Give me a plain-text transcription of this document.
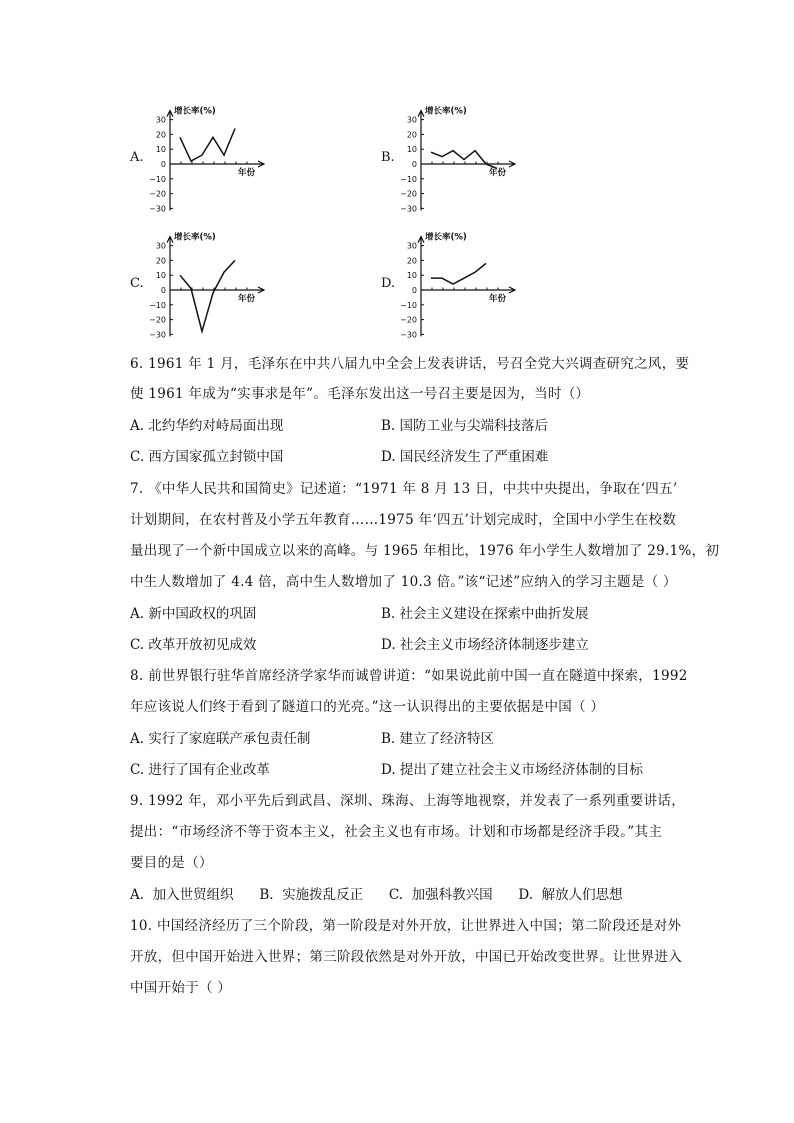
A.
30
20
10
0
−10
−20
−30
增长率(%)
年份
B.
30
20
10
0
−10
−20
−30
增长率(%)
年份
C.
30
20
10
0
−10
−20
−30
增长率(%)
年份
D.
30
20
10
0
−10
−20
−30
增长率(%)
年份
6. 1961 年 1 月，毛泽东在中共八届九中全会上发表讲话，号召全党大兴调查研究之风，要
使 1961 年成为“实事求是年”。毛泽东发出这一号召主要是因为，当时（）
A. 北约华约对峙局面出现	B. 国防工业与尖端科技落后
C. 西方国家孤立封锁中国	D. 国民经济发生了严重困难
7. 《中华人民共和国简史》记述道：“1971 年 8 月 13 日，中共中央提出，争取在‘四五’
计划期间，在农村普及小学五年教育……1975 年‘四五’计划完成时，全国中小学生在校数
量出现了一个新中国成立以来的高峰。与 1965 年相比，1976 年小学生人数增加了 29.1%，初
中生人数增加了 4.4 倍，高中生人数增加了 10.3 倍。”该“记述”应纳入的学习主题是（ ）
A. 新中国政权的巩固	B. 社会主义建设在探索中曲折发展
C. 改革开放初见成效	D. 社会主义市场经济体制逐步建立
8. 前世界银行驻华首席经济学家华而诚曾讲道：“如果说此前中国一直在隧道中探索，1992
年应该说人们终于看到了隧道口的光亮。”这一认识得出的主要依据是中国（ ）
A. 实行了家庭联产承包责任制	B. 建立了经济特区
C. 进行了国有企业改革	D. 提出了建立社会主义市场经济体制的目标
9. 1992 年，邓小平先后到武昌、深圳、珠海、上海等地视察，并发表了一系列重要讲话，
提出：“市场经济不等于资本主义，社会主义也有市场。计划和市场都是经济手段。”其主
要目的是（）
A.  加入世贸组织      B.  实施拨乱反正      C.  加强科教兴国      D.  解放人们思想
10. 中国经济经历了三个阶段，第一阶段是对外开放，让世界进入中国；第二阶段还是对外
开放，但中国开始进入世界；第三阶段依然是对外开放，中国已开始改变世界。让世界进入
中国开始于（ ）
